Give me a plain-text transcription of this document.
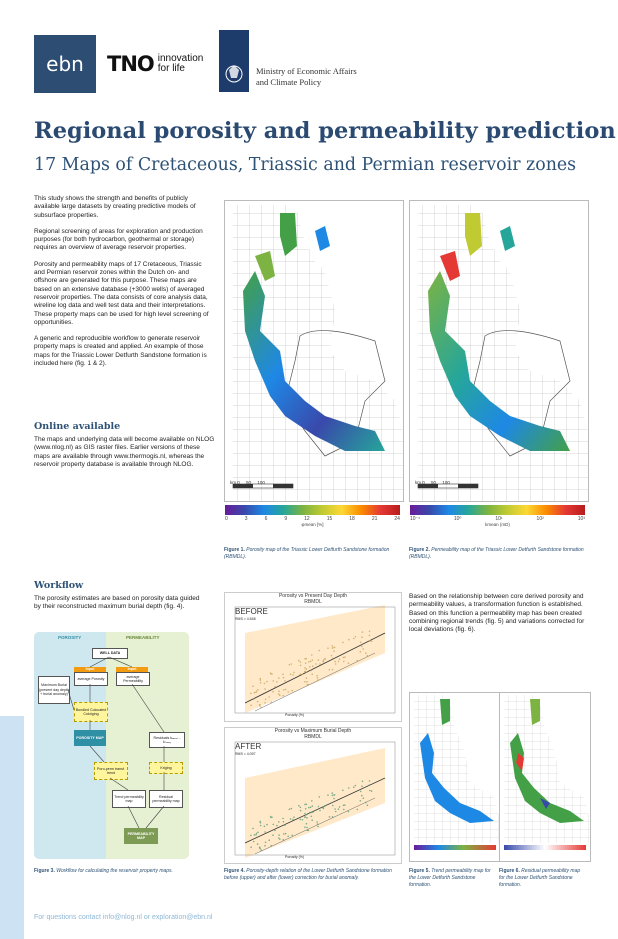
ebn TNO innovation
for life	Ministry of Economic Affairs
and Climate Policy
Regional porosity and permeability prediction
17 Maps of Cretaceous, Triassic and Permian reservoir zones

This study shows the strength and benefits of publicly available large datasets by creating predictive models of subsurface properties.

Regional screening of areas for exploration and production purposes (for both hydrocarbon, geothermal or storage) requires an overview of average reservoir properties.

Porosity and permeability maps of 17 Cretaceous, Triassic and Permian reservoir zones within the Dutch on- and offshore are generated for this purpose. These maps are based on an extensive database (+3000 wells) of averaged reservoir properties. The data consists of core analysis data, wireline log data and well test data and their interpretations. These property maps can be used for high level screening of opportunities.

A generic and reproducible workflow to generate reservoir property maps is created and applied. An example of those maps for the Triassic Lower Detfurth Sandstone formation is included here (fig. 1 & 2).

Online available
The maps and underlying data will become available on NLOG (www.nlog.nl) as GIS raster files. Earlier versions of these maps are available through www.thermogis.nl, whereas the reservoir property database is available through NLOG.
0	3	6	9	12	15	18	21	24
φmean [%]
km 0 50 100
Figure 1. Porosity map of the Triassic Lower Detfurth Sandstone formation (RBMDL).
10⁻¹	10⁰	10¹	10²	10³
kmean (mD)
km 0 50 100
Figure 2. Permeability map of the Triassic Lower Detfurth Sandstone formation (RBMDL).
Workflow
The porosity estimates are based on porosity data guided by their reconstructed maximum burial depth (fig. 4).
POROSITY	PERMEABILITY
WELL DATA
Input
average Porosity
Input
average Permeability
Maximum Burial (present day depth + burial anomaly)
Bundled Colocated Cokriging
POROSITY MAP	Residuals kₘₑₐₛ - kₜᵣₑₙ₉
Poro-perm transf. trend
Kriging
Trend permeability map
Residual permeability map
PERMEABILITY MAP
Figure 3. Workflow for calculating the reservoir property maps.
Porosity vs Present Day Depth
RBMDL
BEFORE
RMS = 4.548
Porosity (%)
Porosity vs Maximum Burial Depth
RBMDL
AFTER
RMS = 4.097
Porosity (%)
Figure 4. Porosity-depth relation of the Lower Detfurth Sandstone formation before (upper) and after (lower) correction for burial anomaly.
Based on the relationship between core derived porosity and permeability values, a transformation function is established. Based on this function a permeability map has been created combining regional trends (fig. 5) and variations corrected for local deviations (fig. 6).
Figure 5. Trend permeability map for the Lower Detfurth Sandstone formation.
Figure 6. Residual permeability map for the Lower Detfurth Sandstone formation.
For questions contact info@nlog.nl or exploration@ebn.nl
